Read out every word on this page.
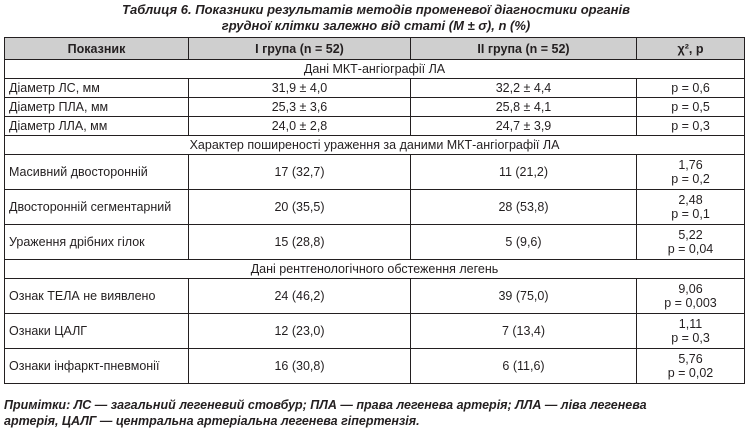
Таблиця 6. Показники результатів методів променевої діагностики органів
грудної клітки залежно від статі (M ± σ), n (%)
Показник	I група (n = 52)	II група (n = 52)	χ², p
Дані МКТ-ангіографії ЛА			
Діаметр ЛС, мм	31,9 ± 4,0	32,2 ± 4,4	p = 0,6

Діаметр ПЛА, мм	25,3 ± 3,6	25,8 ± 4,1	p = 0,5

Діаметр ЛЛА, мм	24,0 ± 2,8	24,7 ± 3,9	p = 0,3

Характер поширеності ураження за даними МКТ-ангіографії ЛА			
Масивний двосторонній	17 (32,7)	11 (21,2)	1,76
p = 0,2

Двосторонній сегментарний	20 (35,5)	28 (53,8)	2,48
p = 0,1

Ураження дрібних гілок	15 (28,8)	5 (9,6)	5,22
p = 0,04

Дані рентгенологічного обстеження легень			
Ознак ТЕЛА не виявлено	24 (46,2)	39 (75,0)	9,06
p = 0,003

Ознаки ЦАЛГ	12 (23,0)	7 (13,4)	1,11
p = 0,3

Ознаки інфаркт-пневмонії	16 (30,8)	6 (11,6)	5,76
p = 0,02
Примітки: ЛС — загальний легеневий стовбур; ПЛА — права легенева артерія; ЛЛА — ліва легенева
артерія, ЦАЛГ — центральна артеріальна легенева гіпертензія.
